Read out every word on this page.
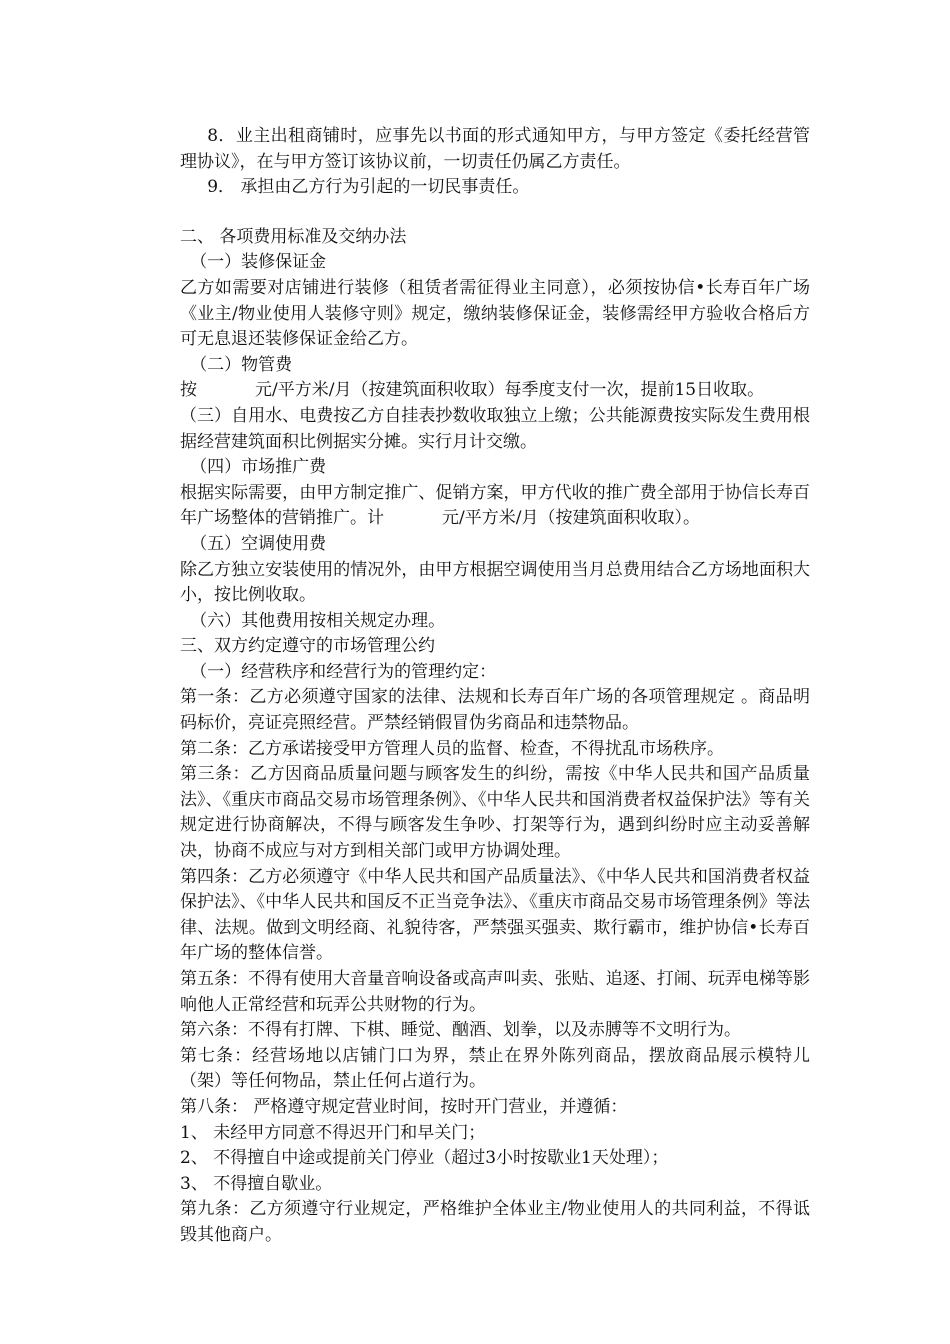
8．业主出租商铺时，应事先以书面的形式通知甲方，与甲方签定《委托经营管理协议》，在与甲方签订该协议前，一切责任仍属乙方责任。

9． 承担由乙方行为引起的一切民事责任。

二、 各项费用标准及交纳办法

（一）装修保证金

乙方如需要对店铺进行装修（租赁者需征得业主同意），必须按协信•长寿百年广场《业主/物业使用人装修守则》规定，缴纳装修保证金，装修需经甲方验收合格后方可无息退还装修保证金给乙方。

（二）物管费

按	元/平方米/月（按建筑面积收取）每季度支付一次，提前15日收取。

（三）自用水、电费按乙方自挂表抄数收取独立上缴；公共能源费按实际发生费用根据经营建筑面积比例据实分摊。实行月计交缴。

（四）市场推广费

根据实际需要，由甲方制定推广、促销方案，甲方代收的推广费全部用于协信长寿百年广场整体的营销推广。计	元/平方米/月（按建筑面积收取）。

（五）空调使用费

除乙方独立安装使用的情况外，由甲方根据空调使用当月总费用结合乙方场地面积大小，按比例收取。

（六）其他费用按相关规定办理。

三、双方约定遵守的市场管理公约

（一）经营秩序和经营行为的管理约定：

第一条：乙方必须遵守国家的法律、法规和长寿百年广场的各项管理规定 。商品明码标价，亮证亮照经营。严禁经销假冒伪劣商品和违禁物品。

第二条：乙方承诺接受甲方管理人员的监督、检查，不得扰乱市场秩序。

第三条：乙方因商品质量问题与顾客发生的纠纷，需按《中华人民共和国产品质量法》、《重庆市商品交易市场管理条例》、《中华人民共和国消费者权益保护法》等有关规定进行协商解决，不得与顾客发生争吵、打架等行为，遇到纠纷时应主动妥善解决，协商不成应与对方到相关部门或甲方协调处理。

第四条：乙方必须遵守《中华人民共和国产品质量法》、《中华人民共和国消费者权益保护法》、《中华人民共和国反不正当竞争法》、《重庆市商品交易市场管理条例》等法律、法规。做到文明经商、礼貌待客，严禁强买强卖、欺行霸市，维护协信•长寿百年广场的整体信誉。

第五条：不得有使用大音量音响设备或高声叫卖、张贴、追逐、打闹、玩弄电梯等影响他人正常经营和玩弄公共财物的行为。

第六条：不得有打牌、下棋、睡觉、酗酒、划拳，以及赤膊等不文明行为。

第七条：经营场地以店铺门口为界，禁止在界外陈列商品，摆放商品展示模特儿（架）等任何物品，禁止任何占道行为。

第八条： 严格遵守规定营业时间，按时开门营业，并遵循：

1、 未经甲方同意不得迟开门和早关门；

2、 不得擅自中途或提前关门停业（超过3小时按歇业1天处理）；

3、 不得擅自歇业。

第九条：乙方须遵守行业规定，严格维护全体业主/物业使用人的共同利益，不得诋毁其他商户。
